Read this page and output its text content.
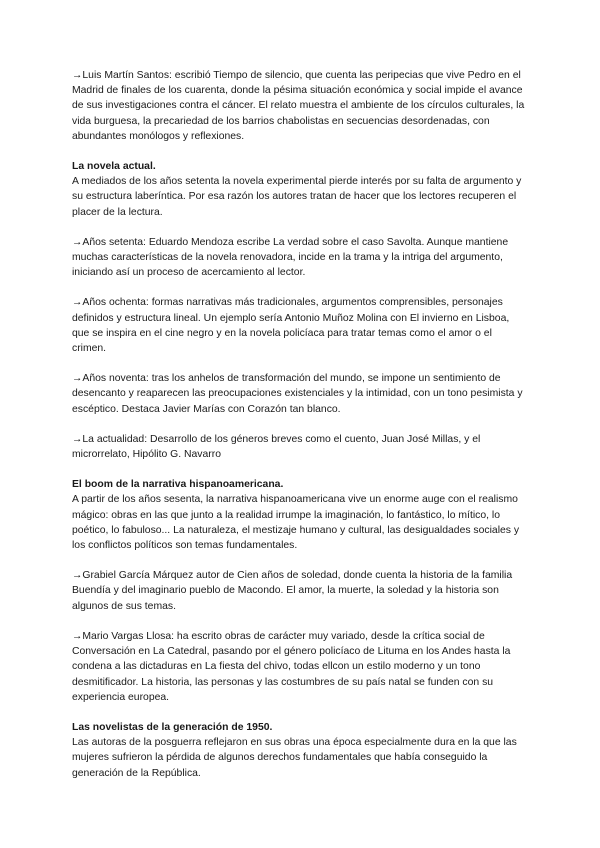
→Luis Martín Santos: escribió Tiempo de silencio, que cuenta las peripecias que vive Pedro en el Madrid de finales de los cuarenta, donde la pésima situación económica y social impide el avance de sus investigaciones contra el cáncer. El relato muestra el ambiente de los círculos culturales, la vida burguesa, la precariedad de los barrios chabolistas en secuencias desordenadas, con abundantes monólogos y reflexiones.

La novela actual.

A mediados de los años setenta la novela experimental pierde interés por su falta de argumento y su estructura laberíntica. Por esa razón los autores tratan de hacer que los lectores recuperen el placer de la lectura.

→Años setenta: Eduardo Mendoza escribe La verdad sobre el caso Savolta. Aunque mantiene muchas características de la novela renovadora, incide en la trama y la intriga del argumento, iniciando así un proceso de acercamiento al lector.

→Años ochenta: formas narrativas más tradicionales, argumentos comprensibles, personajes definidos y estructura lineal. Un ejemplo sería Antonio Muñoz Molina con El invierno en Lisboa, que se inspira en el cine negro y en la novela policíaca para tratar temas como el amor o el crimen.

→Años noventa: tras los anhelos de transformación del mundo, se impone un sentimiento de desencanto y reaparecen las preocupaciones existenciales y la intimidad, con un tono pesimista y escéptico. Destaca Javier Marías con Corazón tan blanco.

→La actualidad: Desarrollo de los géneros breves como el cuento, Juan José Millas, y el microrrelato, Hipólito G. Navarro

El boom de la narrativa hispanoamericana.

A partir de los años sesenta, la narrativa hispanoamericana vive un enorme auge con el realismo mágico: obras en las que junto a la realidad irrumpe la imaginación, lo fantástico, lo mítico, lo poético, lo fabuloso... La naturaleza, el mestizaje humano y cultural, las desigualdades sociales y los conflictos políticos son temas fundamentales.

→Grabiel García Márquez autor de Cien años de soledad, donde cuenta la historia de la familia Buendía y del imaginario pueblo de Macondo. El amor, la muerte, la soledad y la historia son algunos de sus temas.

→Mario Vargas Llosa: ha escrito obras de carácter muy variado, desde la crítica social de Conversación en La Catedral, pasando por el género policíaco de Lituma en los Andes hasta la condena a las dictaduras en La fiesta del chivo, todas ellcon un estilo moderno y un tono desmitificador. La historia, las personas y las costumbres de su país natal se funden con su experiencia europea.

Las novelistas de la generación de 1950.

Las autoras de la posguerra reflejaron en sus obras una época especialmente dura en la que las mujeres sufrieron la pérdida de algunos derechos fundamentales que había conseguido la generación de la República.
